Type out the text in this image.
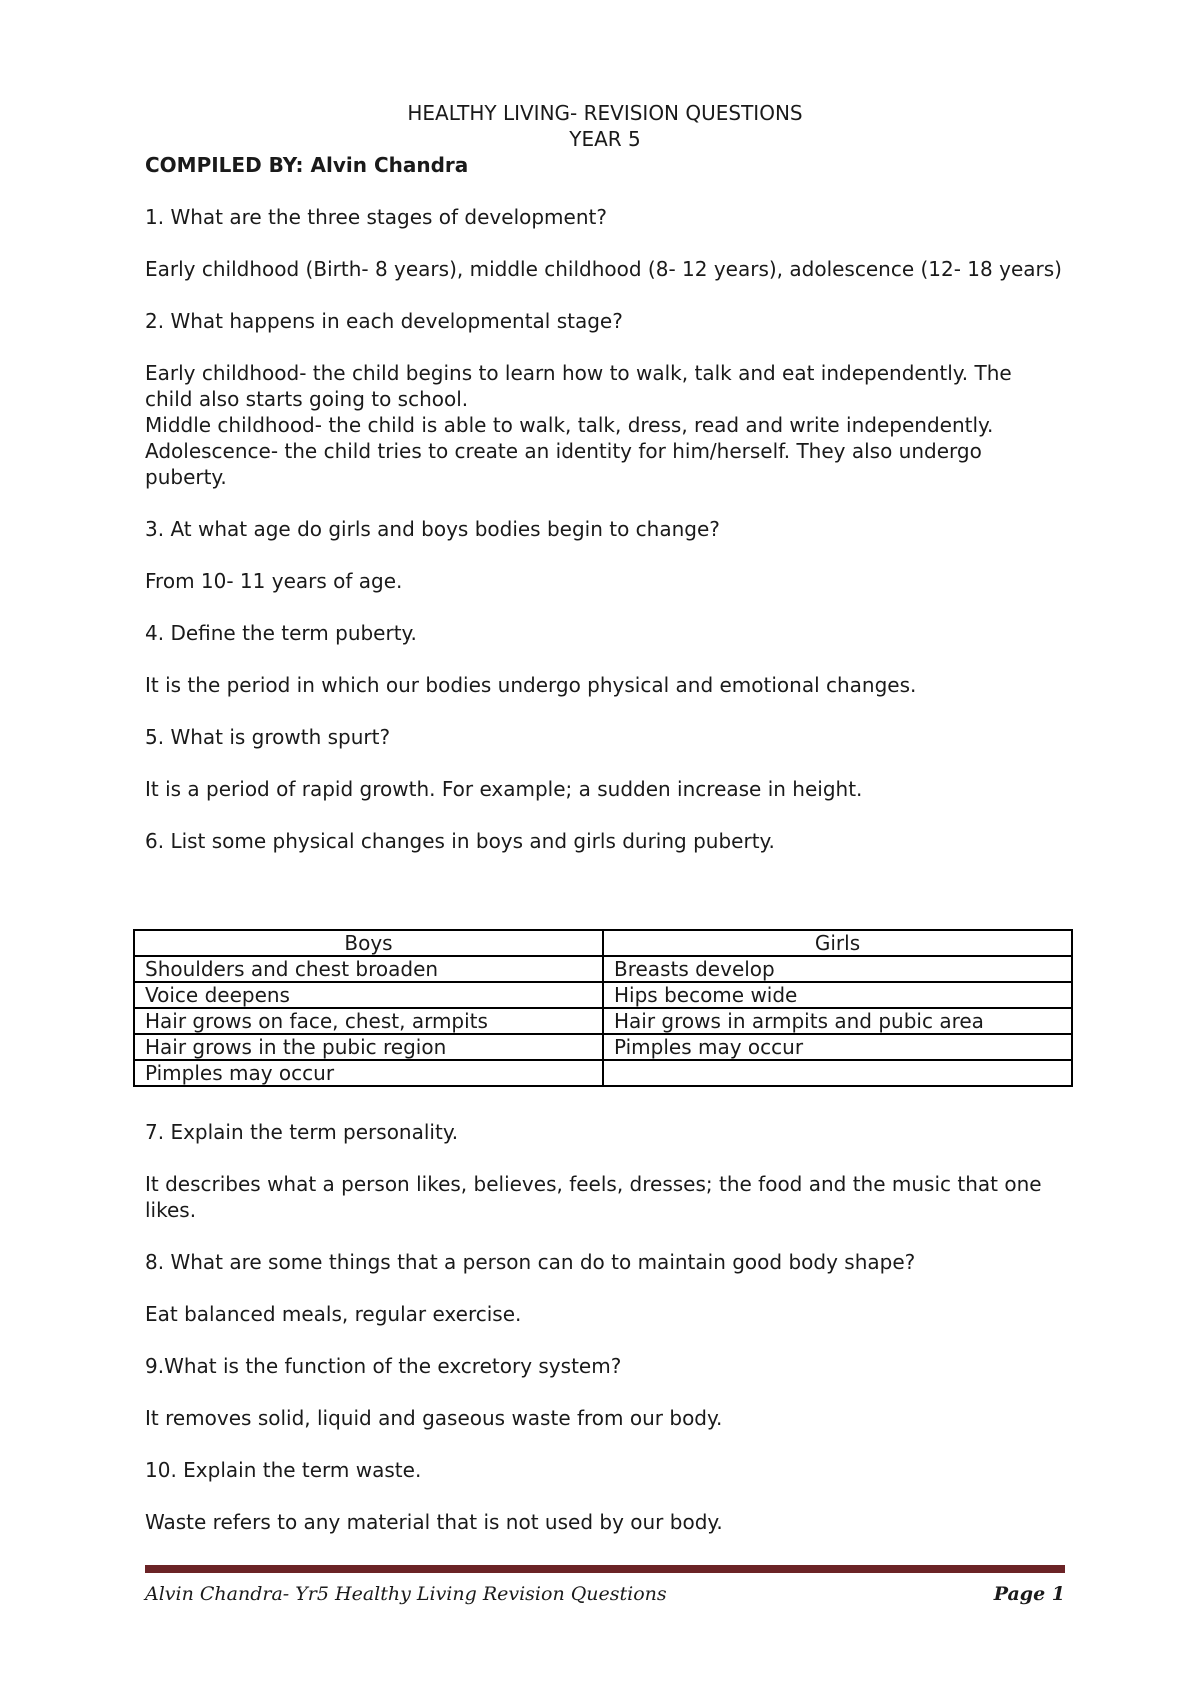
HEALTHY LIVING- REVISION QUESTIONS

YEAR 5

COMPILED BY: Alvin Chandra

1. What are the three stages of development?

Early childhood (Birth- 8 years), middle childhood (8- 12 years), adolescence (12- 18 years)

2. What happens in each developmental stage?

Early childhood- the child begins to learn how to walk, talk and eat independently. The child also starts going to school.

Middle childhood- the child is able to walk, talk, dress, read and write independently.

Adolescence- the child tries to create an identity for him/herself. They also undergo puberty.

3. At what age do girls and boys bodies begin to change?

From 10- 11 years of age.

4. Define the term puberty.

It is the period in which our bodies undergo physical and emotional changes.

5. What is growth spurt?

It is a period of rapid growth. For example; a sudden increase in height.

6. List some physical changes in boys and girls during puberty.

Boys	Girls
Shoulders and chest broaden	Breasts develop
Voice deepens	Hips become wide
Hair grows on face, chest, armpits	Hair grows in armpits and pubic area
Hair grows in the pubic region	Pimples may occur
Pimples may occur	

7. Explain the term personality.

It describes what a person likes, believes, feels, dresses; the food and the music that one likes.

8. What are some things that a person can do to maintain good body shape?

Eat balanced meals, regular exercise.

9.What is the function of the excretory system?

It removes solid, liquid and gaseous waste from our body.

10. Explain the term waste.

Waste refers to any material that is not used by our body.

Alvin Chandra- Yr5 Healthy Living Revision Questions	Page 1
